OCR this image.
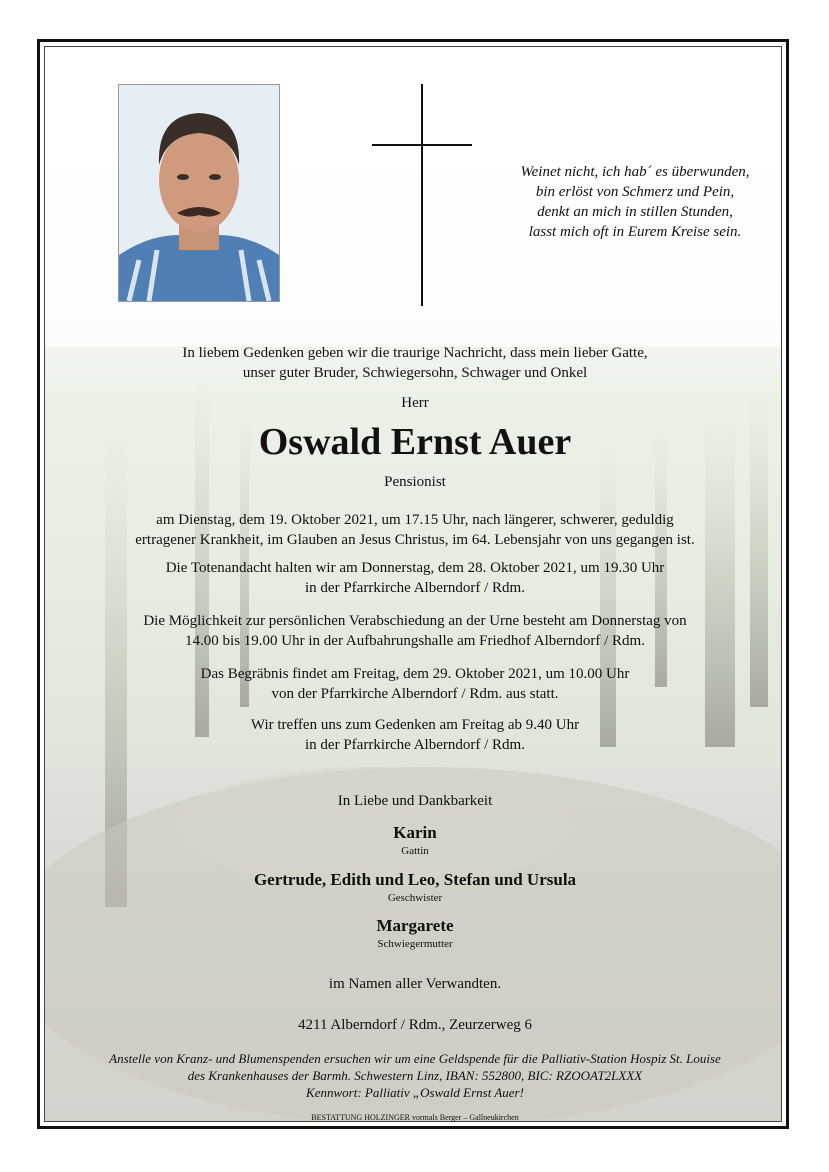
Weinet nicht, ich hab´ es überwunden,
bin erlöst von Schmerz und Pein,
denkt an mich in stillen Stunden,
lasst mich oft in Eurem Kreise sein.
In liebem Gedenken geben wir die traurige Nachricht, dass mein lieber Gatte,
unser guter Bruder, Schwiegersohn, Schwager und Onkel
Herr
Oswald Ernst Auer
Pensionist
am Dienstag, dem 19. Oktober 2021, um 17.15 Uhr, nach längerer, schwerer, geduldig
ertragener Krankheit, im Glauben an Jesus Christus, im 64. Lebensjahr von uns gegangen ist.
Die Totenandacht halten wir am Donnerstag, dem 28. Oktober 2021, um 19.30 Uhr
in der Pfarrkirche Alberndorf / Rdm.
Die Möglichkeit zur persönlichen Verabschiedung an der Urne besteht am Donnerstag von
14.00 bis 19.00 Uhr in der Aufbahrungshalle am Friedhof Alberndorf / Rdm.
Das Begräbnis findet am Freitag, dem 29. Oktober 2021, um 10.00 Uhr
von der Pfarrkirche Alberndorf / Rdm. aus statt.
Wir treffen uns zum Gedenken am Freitag ab 9.40 Uhr
in der Pfarrkirche Alberndorf / Rdm.
In Liebe und Dankbarkeit
Karin
Gattin
Gertrude, Edith und Leo, Stefan und Ursula
Geschwister
Margarete
Schwiegermutter
im Namen aller Verwandten.
4211 Alberndorf / Rdm., Zeurzerweg 6
Anstelle von Kranz- und Blumenspenden ersuchen wir um eine Geldspende für die Palliativ-Station Hospiz St. Louise
des Krankenhauses der Barmh. Schwestern Linz, IBAN: 552800, BIC: RZOOAT2LXXX
Kennwort: Palliativ „Oswald Ernst Auer!
BESTATTUNG HOLZINGER vormals Berger – Gallneukirchen
